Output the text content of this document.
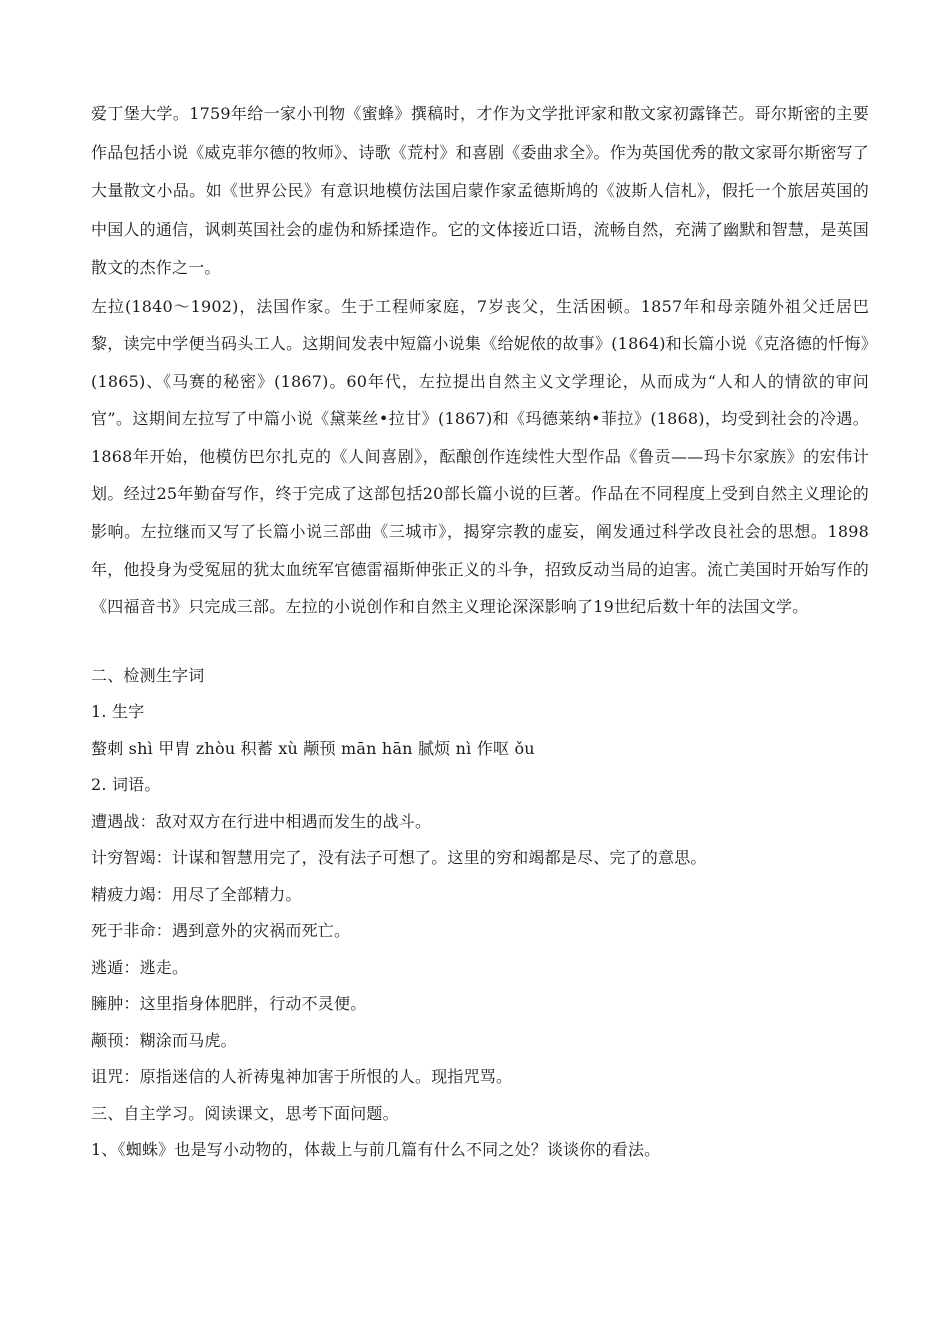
爱丁堡大学。1759年给一家小刊物《蜜蜂》撰稿时，才作为文学批评家和散文家初露锋芒。哥尔斯密的主要作品包括小说《威克菲尔德的牧师》、诗歌《荒村》和喜剧《委曲求全》。作为英国优秀的散文家哥尔斯密写了大量散文小品。如《世界公民》有意识地模仿法国启蒙作家孟德斯鸠的《波斯人信札》，假托一个旅居英国的中国人的通信，讽刺英国社会的虚伪和矫揉造作。它的文体接近口语，流畅自然，充满了幽默和智慧，是英国散文的杰作之一。

左拉(1840～1902)，法国作家。生于工程师家庭，7岁丧父，生活困顿。1857年和母亲随外祖父迁居巴黎，读完中学便当码头工人。这期间发表中短篇小说集《给妮侬的故事》(1864)和长篇小说《克洛德的忏悔》(1865)、《马赛的秘密》(1867)。60年代，左拉提出自然主义文学理论，从而成为“人和人的情欲的审问官”。这期间左拉写了中篇小说《黛莱丝•拉甘》(1867)和《玛德莱纳•菲拉》(1868)，均受到社会的冷遇。1868年开始，他模仿巴尔扎克的《人间喜剧》，酝酿创作连续性大型作品《鲁贡——玛卡尔家族》的宏伟计划。经过25年勤奋写作，终于完成了这部包括20部长篇小说的巨著。作品在不同程度上受到自然主义理论的影响。左拉继而又写了长篇小说三部曲《三城市》，揭穿宗教的虚妄，阐发通过科学改良社会的思想。1898年，他投身为受冤屈的犹太血统军官德雷福斯伸张正义的斗争，招致反动当局的迫害。流亡美国时开始写作的《四福音书》只完成三部。左拉的小说创作和自然主义理论深深影响了19世纪后数十年的法国文学。

二、检测生字词

1. 生字

螯刺 shì 甲胄 zhòu 积蓄 xù 颟顸 mān hān 腻烦 nì 作呕 ǒu

2. 词语。

遭遇战：敌对双方在行进中相遇而发生的战斗。

计穷智竭：计谋和智慧用完了，没有法子可想了。这里的穷和竭都是尽、完了的意思。

精疲力竭：用尽了全部精力。

死于非命：遇到意外的灾祸而死亡。

逃遁：逃走。

臃肿：这里指身体肥胖，行动不灵便。

颟顸：糊涂而马虎。

诅咒：原指迷信的人祈祷鬼神加害于所恨的人。现指咒骂。

三、自主学习。阅读课文，思考下面问题。

1、《蜘蛛》也是写小动物的，体裁上与前几篇有什么不同之处？谈谈你的看法。
